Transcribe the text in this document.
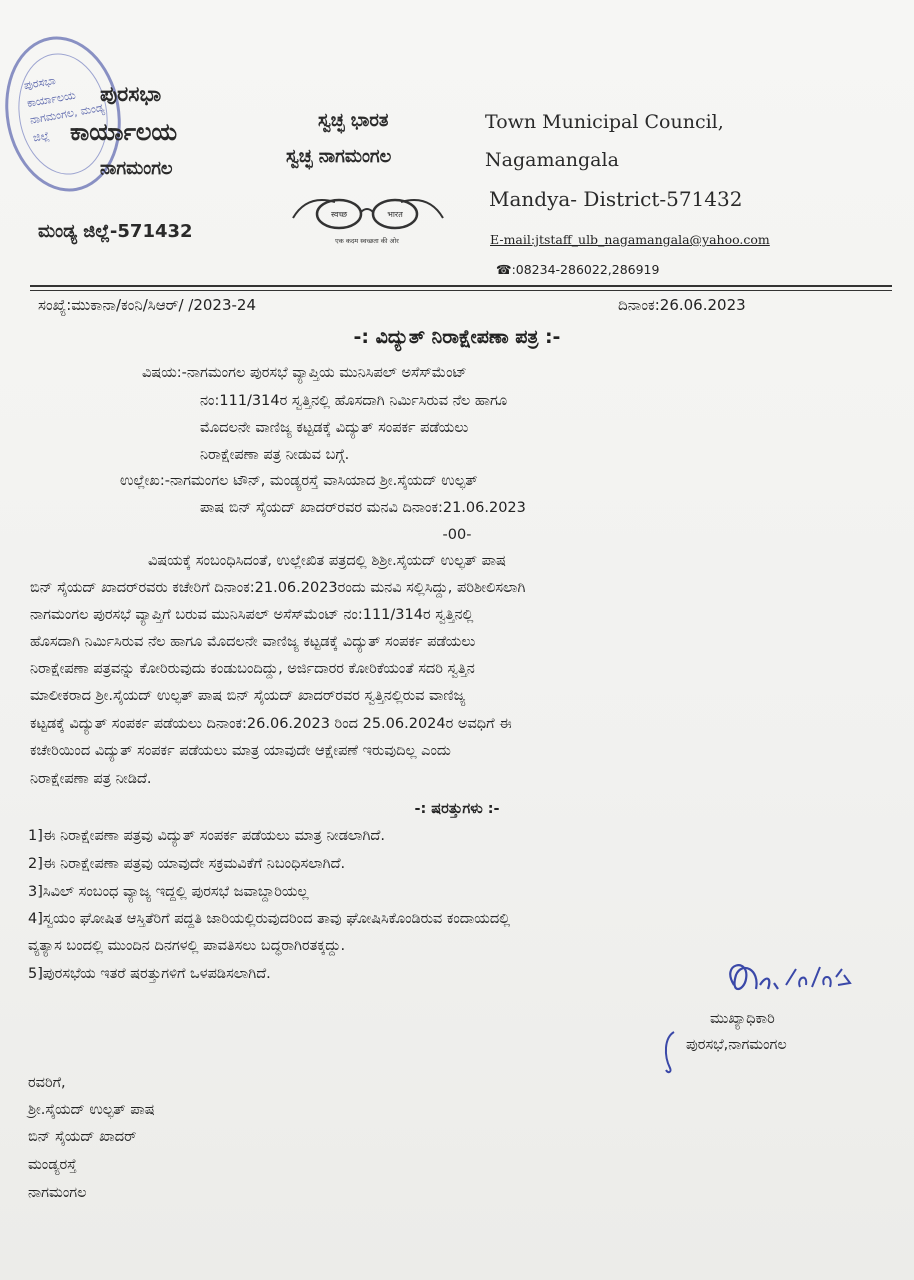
ಪುರಸಭಾ ಕಾರ್ಯಾಲಯ ನಾಗಮಂಗಲ, ಮಂಡ್ಯ ಜಿಲ್ಲೆ
ಪುರಸಭಾ
ಕಾರ್ಯಾಲಯ
ನಾಗಮಂಗಲ
ಮಂಡ್ಯ ಜಿಲ್ಲೆ-571432
ಸ್ವಚ್ಛ ಭಾರತ
ಸ್ವಚ್ಛ ನಾಗಮಂಗಲ
स्वच्छ	भारत
एक कदम स्वच्छता की ओर
Town Municipal Council,
Nagamangala
Mandya- District-571432
E-mail:jtstaff_ulb_nagamangala@yahoo.com
☎:08234-286022,286919
ಸಂಖ್ಯೆ:ಮುಕಾನಾ/ಕಂನಿ/ಸಿಆರ್/ /2023-24	ದಿನಾಂಕ:26.06.2023
-: ವಿದ್ಯುತ್ ನಿರಾಕ್ಷೇಪಣಾ ಪತ್ರ :-
ವಿಷಯ:-ನಾಗಮಂಗಲ ಪುರಸಭೆ ವ್ಯಾಪ್ತಿಯ ಮುನಿಸಿಪಲ್ ಅಸೆಸ್‌ಮೆಂಟ್
ನಂ:111/314ರ ಸ್ವತ್ತಿನಲ್ಲಿ ಹೊಸದಾಗಿ ನಿರ್ಮಿಸಿರುವ ನೆಲ ಹಾಗೂ
ಮೊದಲನೇ ವಾಣಿಜ್ಯ ಕಟ್ಟಡಕ್ಕೆ ವಿದ್ಯುತ್ ಸಂಪರ್ಕ ಪಡೆಯಲು
ನಿರಾಕ್ಷೇಪಣಾ ಪತ್ರ ನೀಡುವ ಬಗ್ಗೆ.
ಉಲ್ಲೇಖ:-ನಾಗಮಂಗಲ ಟೌನ್, ಮಂಡ್ಯರಸ್ತೆ ವಾಸಿಯಾದ ಶ್ರೀ.ಸೈಯದ್ ಉಲ್ಫತ್
ಪಾಷ ಬಿನ್ ಸೈಯದ್ ಖಾದರ್‌ರವರ ಮನವಿ ದಿನಾಂಕ:21.06.2023
-00-
ವಿಷಯಕ್ಕೆ ಸಂಬಂಧಿಸಿದಂತೆ, ಉಲ್ಲೇಖಿತ ಪತ್ರದಲ್ಲಿ ಶಿಶ್ರೀ.ಸೈಯದ್ ಉಲ್ಫತ್ ಪಾಷ
ಬಿನ್ ಸೈಯದ್ ಖಾದರ್‌ರವರು ಕಚೇರಿಗೆ ದಿನಾಂಕ:21.06.2023ರಂದು ಮನವಿ ಸಲ್ಲಿಸಿದ್ದು, ಪರಿಶೀಲಿಸಲಾಗಿ
ನಾಗಮಂಗಲ ಪುರಸಭೆ ವ್ಯಾಪ್ತಿಗೆ ಬರುವ ಮುನಿಸಿಪಲ್ ಅಸೆಸ್‌ಮೆಂಟ್ ನಂ:111/314ರ ಸ್ವತ್ತಿನಲ್ಲಿ
ಹೊಸದಾಗಿ ನಿರ್ಮಿಸಿರುವ ನೆಲ ಹಾಗೂ ಮೊದಲನೇ ವಾಣಿಜ್ಯ ಕಟ್ಟಡಕ್ಕೆ ವಿದ್ಯುತ್ ಸಂಪರ್ಕ ಪಡೆಯಲು
ನಿರಾಕ್ಷೇಪಣಾ ಪತ್ರವನ್ನು ಕೋರಿರುವುದು ಕಂಡುಬಂದಿದ್ದು, ಅರ್ಜಿದಾರರ ಕೋರಿಕೆಯಂತೆ ಸದರಿ ಸ್ವತ್ತಿನ
ಮಾಲೀಕರಾದ ಶ್ರೀ.ಸೈಯದ್ ಉಲ್ಫತ್ ಪಾಷ ಬಿನ್ ಸೈಯದ್ ಖಾದರ್‌ರವರ ಸ್ವತ್ತಿನಲ್ಲಿರುವ ವಾಣಿಜ್ಯ
ಕಟ್ಟಡಕ್ಕೆ ವಿದ್ಯುತ್ ಸಂಪರ್ಕ ಪಡೆಯಲು ದಿನಾಂಕ:26.06.2023 ರಿಂದ 25.06.2024ರ ಅವಧಿಗೆ ಈ
ಕಚೇರಿಯಿಂದ ವಿದ್ಯುತ್ ಸಂಪರ್ಕ ಪಡೆಯಲು ಮಾತ್ರ ಯಾವುದೇ ಆಕ್ಷೇಪಣೆ ಇರುವುದಿಲ್ಲ ಎಂದು
ನಿರಾಕ್ಷೇಪಣಾ ಪತ್ರ ನೀಡಿದೆ.
-: ಷರತ್ತುಗಳು :-
1]ಈ ನಿರಾಕ್ಷೇಪಣಾ ಪತ್ರವು ವಿದ್ಯುತ್ ಸಂಪರ್ಕ ಪಡೆಯಲು ಮಾತ್ರ ನೀಡಲಾಗಿದೆ.
2]ಈ ನಿರಾಕ್ಷೇಪಣಾ ಪತ್ರವು ಯಾವುದೇ ಸಕ್ರಮವಿಕೆಗೆ ನಿಬಂಧಿಸಲಾಗಿದೆ.
3]ಸಿವಿಲ್ ಸಂಬಂಧ ವ್ಯಾಜ್ಯ ಇದ್ದಲ್ಲಿ ಪುರಸಭೆ ಜವಾಬ್ದಾರಿಯಲ್ಲ
4]ಸ್ವಯಂ ಘೋಷಿತ ಆಸ್ತಿತೆರಿಗೆ ಪದ್ದತಿ ಜಾರಿಯಲ್ಲಿರುವುದರಿಂದ ತಾವು ಘೋಷಿಸಿಕೊಂಡಿರುವ ಕಂದಾಯದಲ್ಲಿ
ವ್ಯತ್ಯಾಸ ಬಂದಲ್ಲಿ ಮುಂದಿನ ದಿನಗಳಲ್ಲಿ ಪಾವತಿಸಲು ಬದ್ಧರಾಗಿರತಕ್ಕದ್ದು.
5]ಪುರಸಭೆಯ ಇತರೆ ಷರತ್ತುಗಳಿಗೆ ಒಳಪಡಿಸಲಾಗಿದೆ.
ಮುಖ್ಯಾಧಿಕಾರಿ
ಪುರಸಭೆ,ನಾಗಮಂಗಲ
ರವರಿಗೆ,
ಶ್ರೀ.ಸೈಯದ್ ಉಲ್ಫತ್ ಪಾಷ
ಬಿನ್ ಸೈಯದ್ ಖಾದರ್
ಮಂಡ್ಯರಸ್ತೆ
ನಾಗಮಂಗಲ
